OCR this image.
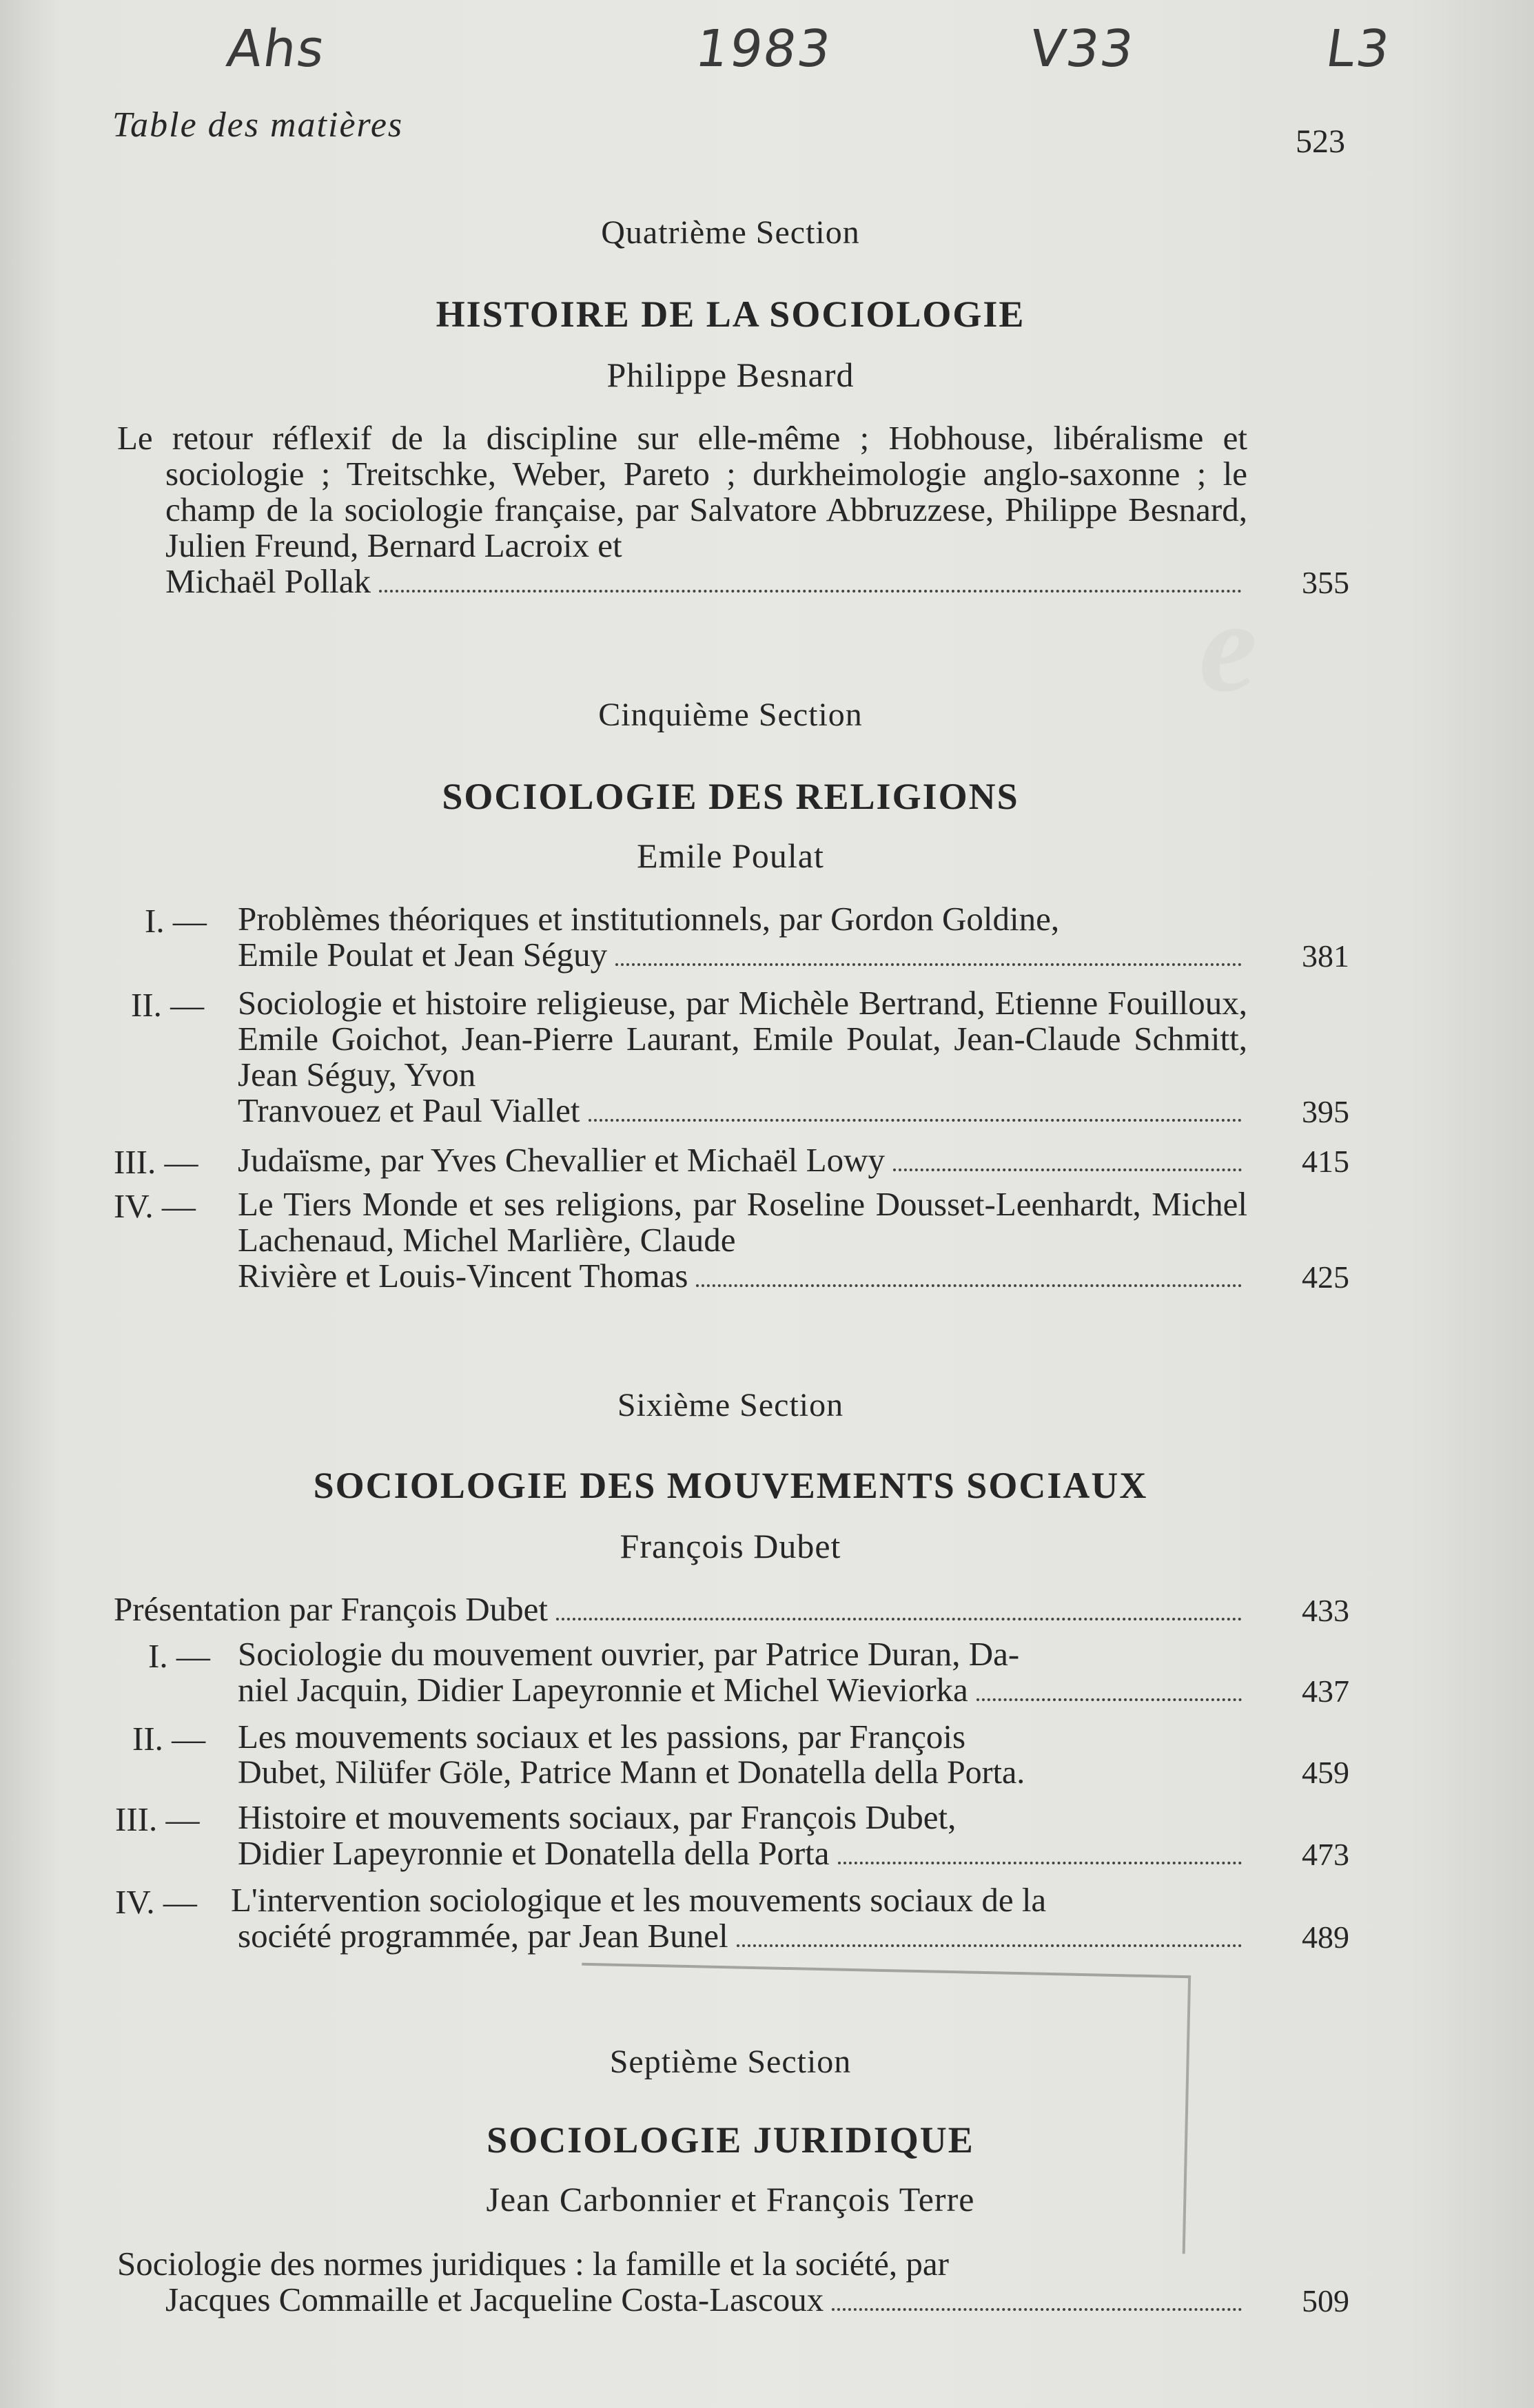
e
Ahs	1983	V33	L3
Table des matières	523
Quatrième Section
HISTOIRE DE LA SOCIOLOGIE
Philippe Besnard
Le retour réflexif de la discipline sur elle-même ; Hobhouse, libéralisme et sociologie ; Treitschke, Weber, Pareto ; durkheimologie anglo-saxonne ; le champ de la sociologie française, par Salvatore Abbruzzese, Philippe Besnard, Julien Freund, Bernard Lacroix et
Michaël Pollak	355
Cinquième Section
SOCIOLOGIE DES RELIGIONS
Emile Poulat
I. — Problèmes théoriques et institutionnels, par Gordon Goldine,
Emile Poulat et Jean Séguy	381
II. — Sociologie et histoire religieuse, par Michèle Bertrand, Etienne Fouilloux, Emile Goichot, Jean-Pierre Laurant, Emile Poulat, Jean-Claude Schmitt, Jean Séguy, Yvon
Tranvouez et Paul Viallet	395
III. — Judaïsme, par Yves Chevallier et Michaël Lowy	415
IV. — Le Tiers Monde et ses religions, par Roseline Dousset-Leenhardt, Michel Lachenaud, Michel Marlière, Claude
Rivière et Louis-Vincent Thomas	425
Sixième Section
SOCIOLOGIE DES MOUVEMENTS SOCIAUX
François Dubet
Présentation par François Dubet	433
I. — Sociologie du mouvement ouvrier, par Patrice Duran, Da-
niel Jacquin, Didier Lapeyronnie et Michel Wieviorka	437
II. — Les mouvements sociaux et les passions, par François
Dubet, Nilüfer Göle, Patrice Mann et Donatella della Porta.	459
III. — Histoire et mouvements sociaux, par François Dubet,
Didier Lapeyronnie et Donatella della Porta	473
IV. — L'intervention sociologique et les mouvements sociaux de la
société programmée, par Jean Bunel	489
Septième Section
SOCIOLOGIE JURIDIQUE
Jean Carbonnier et François Terre
Sociologie des normes juridiques : la famille et la société, par
Jacques Commaille et Jacqueline Costa-Lascoux	509
